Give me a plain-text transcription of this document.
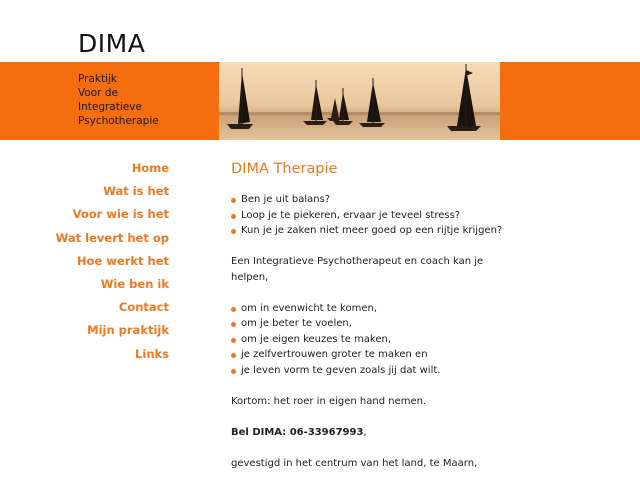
DIMA
Praktijk
Voor de
Integratieve
Psychotherapie
Home
Wat is het
Voor wie is het
Wat levert het op
Hoe werkt het
Wie ben ik
Contact
Mijn praktijk
Links
DIMA Therapie
Ben je uit balans?
Loop je te piekeren, ervaar je teveel stress?
Kun je je zaken niet meer goed op een rijtje krijgen?

Een Integratieve Psychotherapeut en coach kan je
helpen,

om in evenwicht te komen,
om je beter te voelen,
om je eigen keuzes te maken,
je zelfvertrouwen groter te maken en
je leven vorm te geven zoals jij dat wilt.

Kortom: het roer in eigen hand nemen.

Bel DIMA: 06-33967993,

gevestigd in het centrum van het land, te Maarn,
